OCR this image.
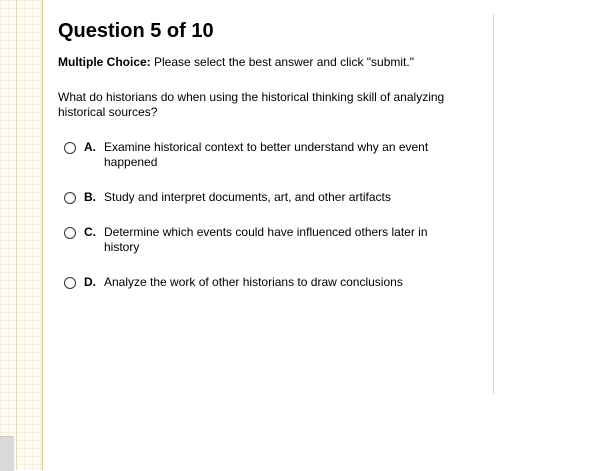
Question 5 of 10
Multiple Choice: Please select the best answer and click "submit."
What do historians do when using the historical thinking skill of analyzing historical sources?
A. Examine historical context to better understand why an event happened
B. Study and interpret documents, art, and other artifacts
C. Determine which events could have influenced others later in history
D. Analyze the work of other historians to draw conclusions
